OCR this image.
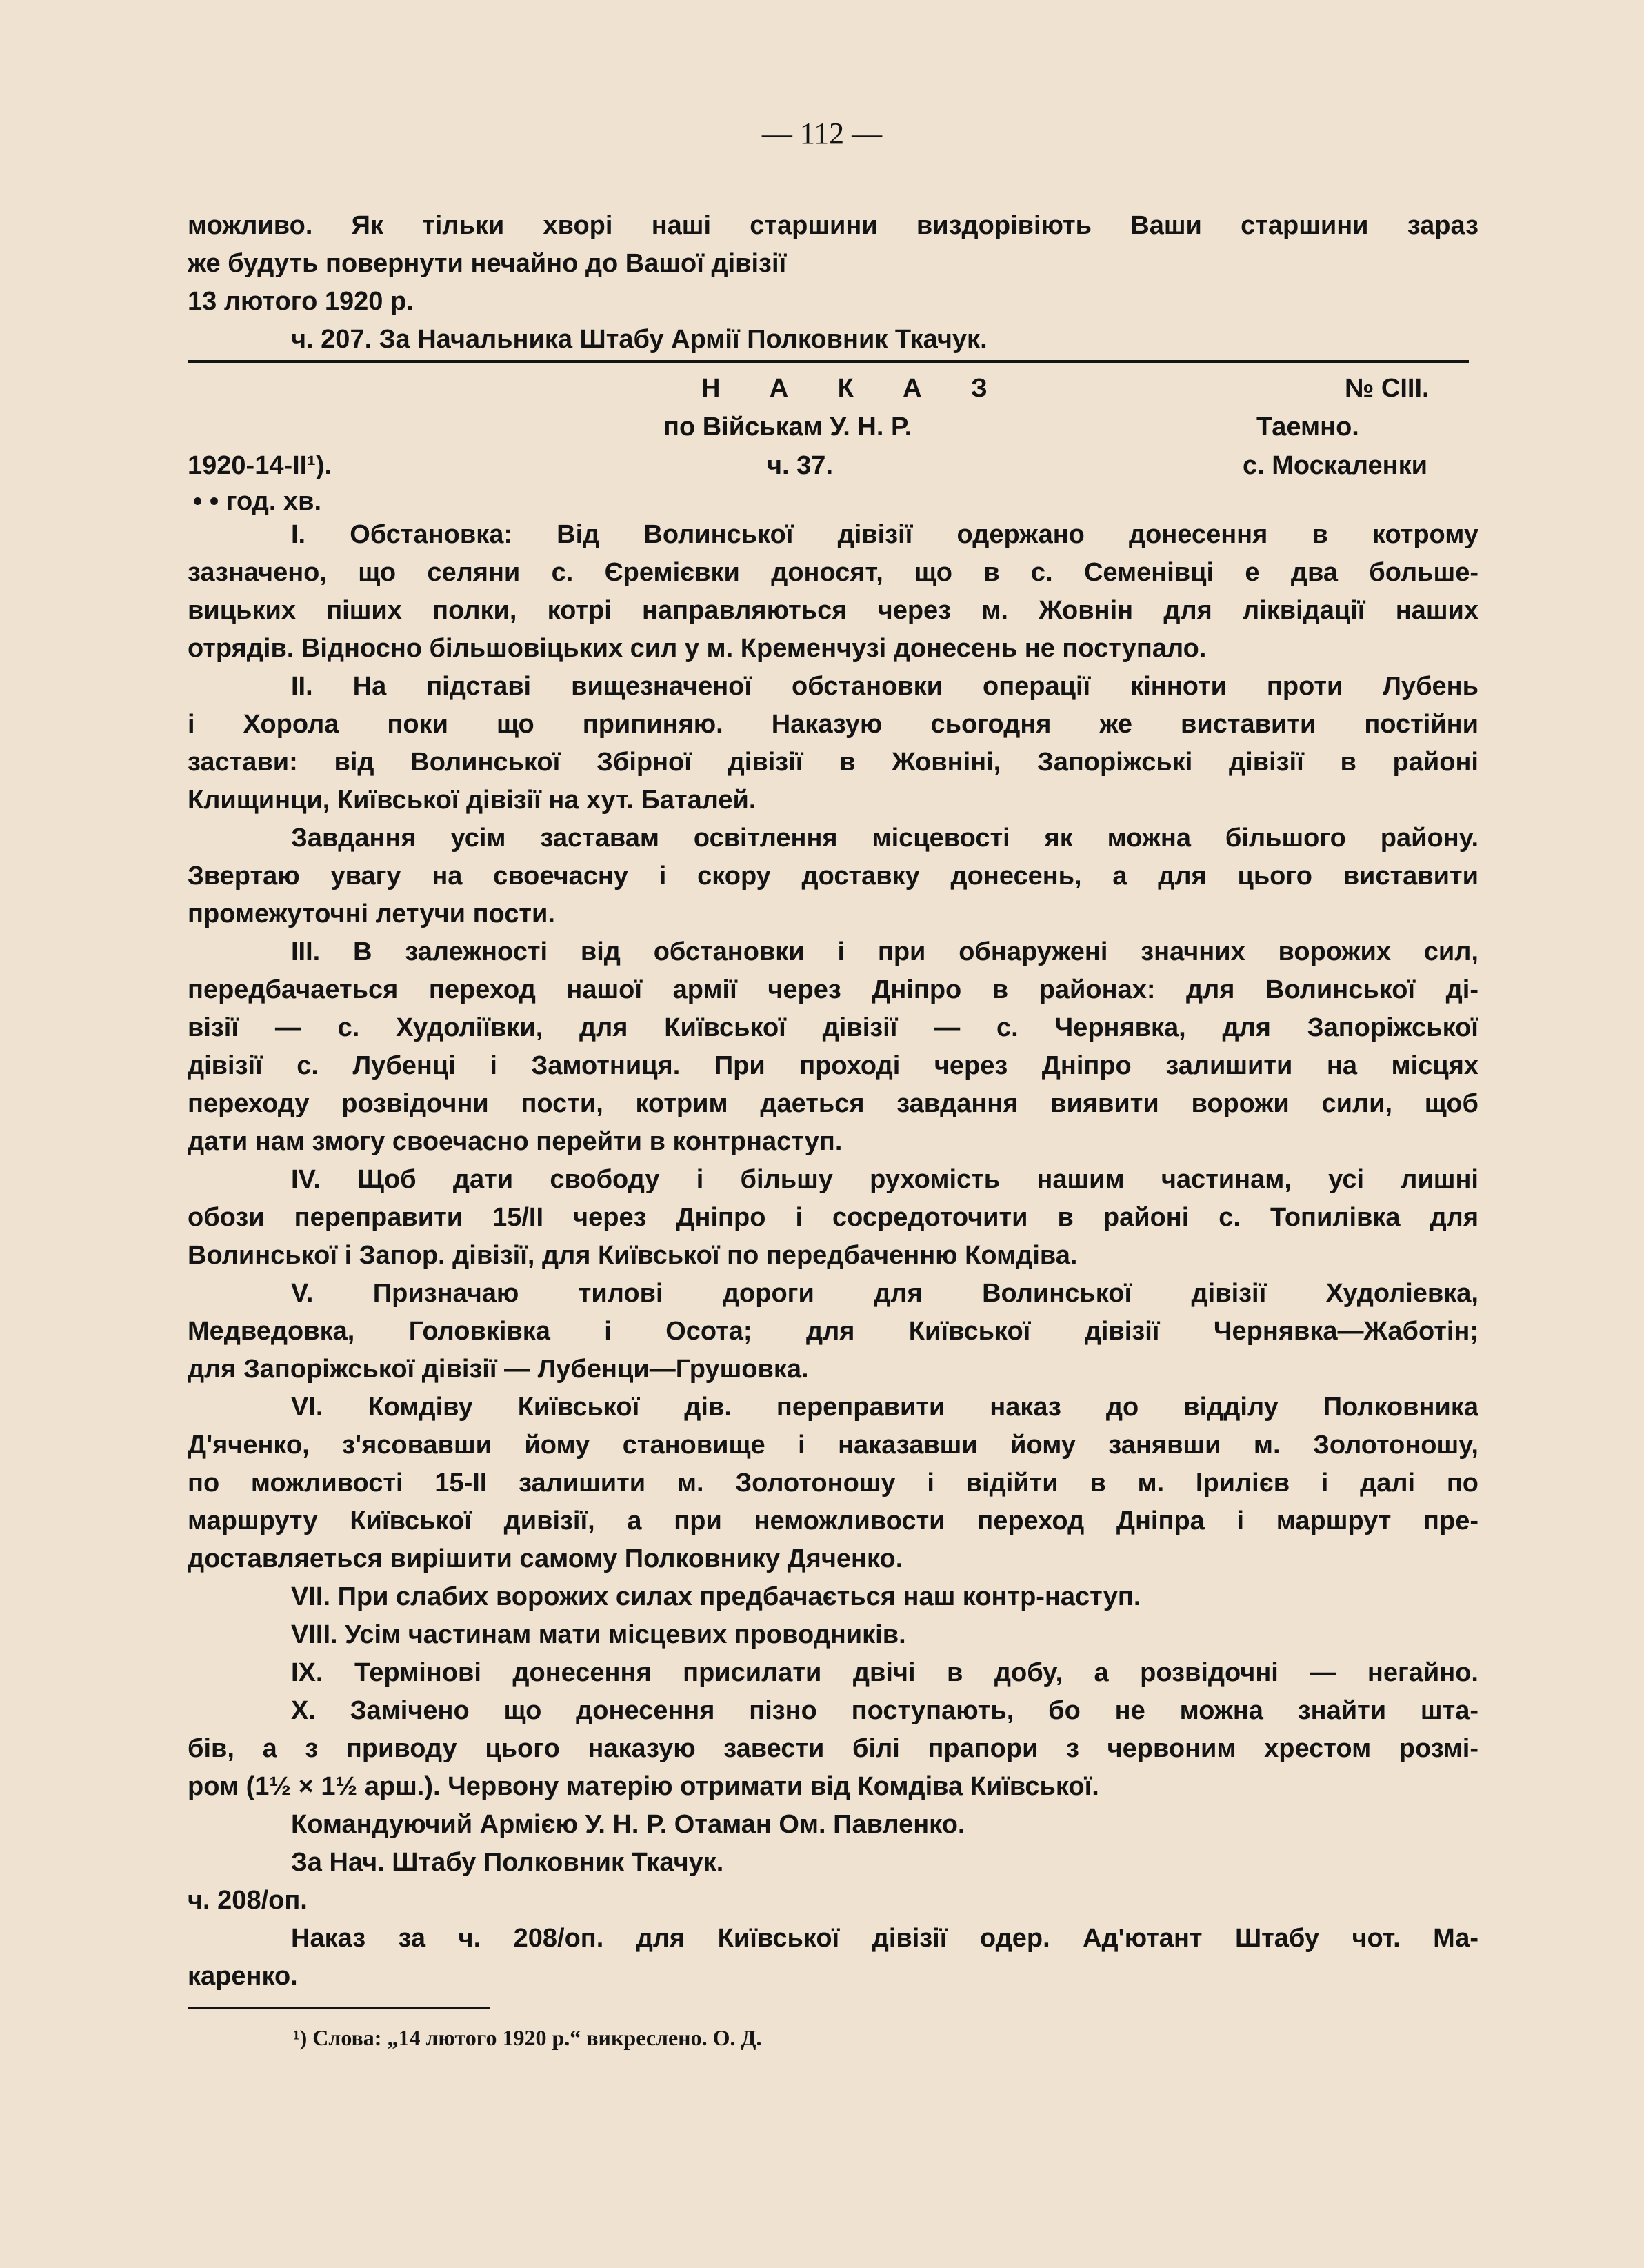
— 112 —
можливо. Як тільки хворі наші старшини виздорівіють Ваши старшини зараз
же будуть повернути нечайно до Вашої дівізії
13 лютого 1920 р.
ч. 207. За Начальника Штабу Армії Полковник Ткачук.
Н А К А З	№ CIII.
по Військам У. Н. Р.	Таемно.
1920-14-ІІ¹).	ч. 37.	с. Москаленки
• • год. хв.
І. Обстановка: Від Волинської дівізії одержано донесення в котрому
зазначено, що селяни с. Єремієвки доносят, що в с. Семенівці е два больше-
вицьких піших полки, котрі направляються через м. Жовнін для ліквідації наших
отрядів. Відносно більшовіцьких сил у м. Кременчузі донесень не поступало.
ІІ. На підставі вищезначеної обстановки операції кінноти проти Лубень
і Хорола поки що припиняю. Наказую сьогодня же виставити постійни
застави: від Волинської Збірної дівізії в Жовніні, Запоріжські дівізії в районі
Клищинци, Київської дівізії на хут. Баталей.
Завдання усім заставам освітлення місцевості як можна більшого району.
Звертаю увагу на своечасну і скору доставку донесень, а для цього виставити
промежуточні летучи пости.
ІІІ. В залежності від обстановки і при обнаружені значних ворожих сил,
передбачаеться переход нашої армії через Дніпро в районах: для Волинської ді-
візії — с. Худоліївки, для Київської дівізії — с. Чернявка, для Запоріжської
дівізії с. Лубенці і Замотниця. При проході через Дніпро залишити на місцях
переходу розвідочни пости, котрим даеться завдання виявити ворожи сили, щоб
дати нам змогу своечасно перейти в контрнаступ.
ІV. Щоб дати свободу і більшу рухомість нашим частинам, усі лишні
обози переправити 15/ІІ через Дніпро і сосредоточити в районі с. Топилівка для
Волинської і Запор. дівізії, для Київської по передбаченню Комдіва.
V. Призначаю тилові дороги для Волинської дівізії Худоліевка,
Медведовка, Головківка і Осота; для Київської дівізії Чернявка—Жаботін;
для Запоріжської дівізії — Лубенци—Грушовка.
VІ. Комдіву Київської дів. переправити наказ до відділу Полковника
Д'яченко, з'ясовавши йому становище і наказавши йому занявши м. Золотоношу,
по можливості 15-ІІ залишити м. Золотоношу і відійти в м. Ірилієв і далі по
маршруту Київської дивізії, а при неможливости переход Дніпра і маршрут пре-
доставляеться вирішити самому Полковнику Дяченко.
VІІ. При слабих ворожих силах предбачається наш контр-наступ.
VІІІ. Усім частинам мати місцевих проводників.
ІХ. Термінові донесення присилати двічі в добу, а розвідочні — негайно.
Х. Замічено що донесення пізно поступають, бо не можна знайти шта-
бів, а з приводу цього наказую завести білі прапори з червоним хрестом розмі-
ром (1½ × 1½ арш.). Червону матерію отримати від Комдіва Київської.
Командуючий Армією У. Н. Р. Отаман Ом. Павленко.
За Нач. Штабу Полковник Ткачук.
ч. 208/оп.
Наказ за ч. 208/оп. для Київської дівізії одер. Ад'ютант Штабу чот. Ма-
каренко.
¹) Слова: „14 лютого 1920 р.“ викреслено. О. Д.
